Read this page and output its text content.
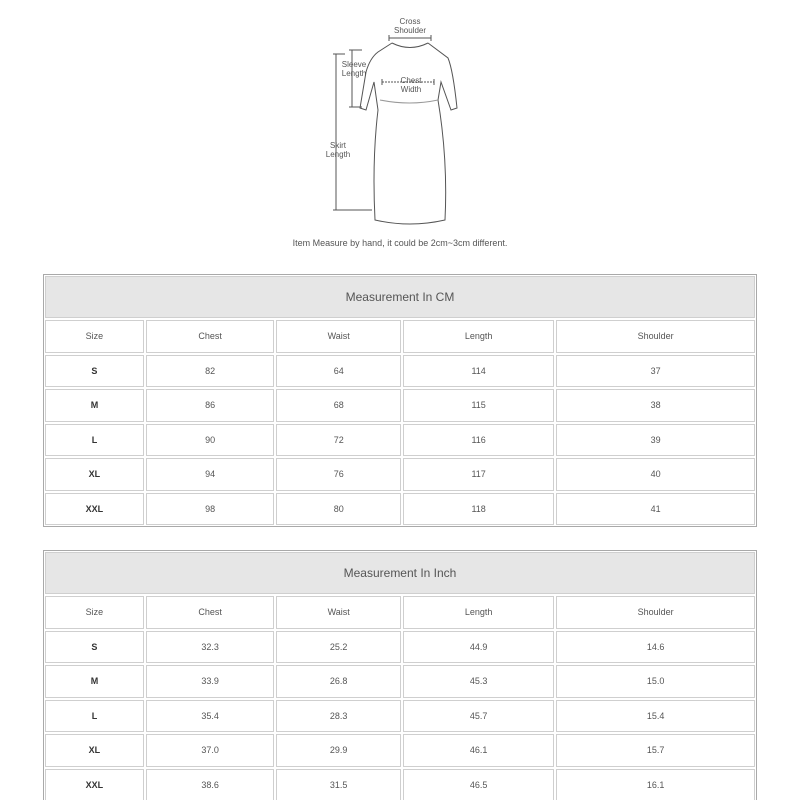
Cross
Shoulder
Sleeve
Length
Chest
Width
Skirt
Length
Item Measure by hand, it could be 2cm~3cm different.
Measurement In CM
Size	Chest	Waist	Length	Shoulder
S	82	64	114	37
M	86	68	115	38
L	90	72	116	39
XL	94	76	117	40
XXL	98	80	118	41
Measurement In Inch
Size	Chest	Waist	Length	Shoulder
S	32.3	25.2	44.9	14.6
M	33.9	26.8	45.3	15.0
L	35.4	28.3	45.7	15.4
XL	37.0	29.9	46.1	15.7
XXL	38.6	31.5	46.5	16.1
